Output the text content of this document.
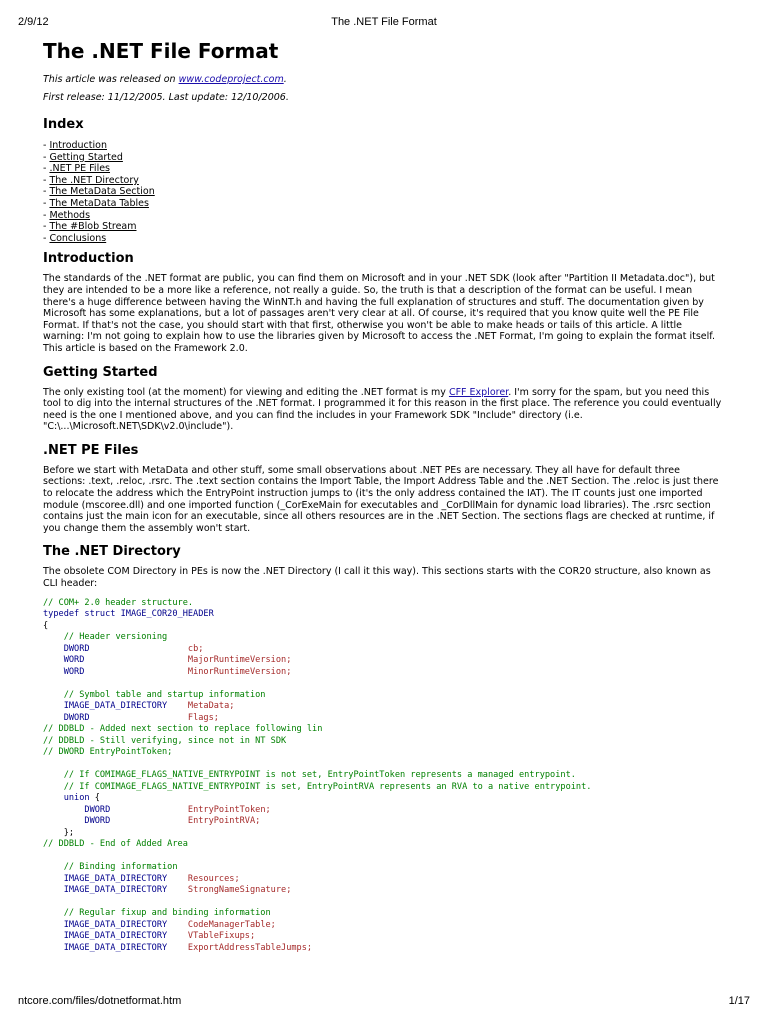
2/9/12	The .NET File Format
The .NET File Format
This article was released on www.codeproject.com.
First release: 11/12/2005. Last update: 12/10/2006.
Index
- Introduction
- Getting Started
- .NET PE Files
- The .NET Directory
- The MetaData Section
- The MetaData Tables
- Methods
- The #Blob Stream
- Conclusions
Introduction

The standards of the .NET format are public, you can find them on Microsoft and in your .NET SDK (look after "Partition II Metadata.doc"), but they are intended to be a more like a reference, not really a guide. So, the truth is that a description of the format can be useful. I mean there's a huge difference between having the WinNT.h and having the full explanation of structures and stuff. The documentation given by Microsoft has some explanations, but a lot of passages aren't very clear at all. Of course, it's required that you know quite well the PE File Format. If that's not the case, you should start with that first, otherwise you won't be able to make heads or tails of this article. A little warning: I'm not going to explain how to use the libraries given by Microsoft to access the .NET Format, I'm going to explain the format itself. This article is based on the Framework 2.0.

Getting Started

The only existing tool (at the moment) for viewing and editing the .NET format is my CFF Explorer. I'm sorry for the spam, but you need this tool to dig into the internal structures of the .NET format. I programmed it for this reason in the first place. The reference you could eventually need is the one I mentioned above, and you can find the includes in your Framework SDK "Include" directory (i.e. "C:\...\Microsoft.NET\SDK\v2.0\include").

.NET PE Files

Before we start with MetaData and other stuff, some small observations about .NET PEs are necessary. They all have for default three sections: .text, .reloc, .rsrc. The .text section contains the Import Table, the Import Address Table and the .NET Section. The .reloc is just there to relocate the address which the EntryPoint instruction jumps to (it's the only address contained the IAT). The IT counts just one imported module (mscoree.dll) and one imported function (_CorExeMain for executables and _CorDllMain for dynamic load libraries). The .rsrc section contains just the main icon for an executable, since all others resources are in the .NET Section. The sections flags are checked at runtime, if you change them the assembly won't start.

The .NET Directory

The obsolete COM Directory in PEs is now the .NET Directory (I call it this way). This sections starts with the COR20 structure, also known as CLI header:

// COM+ 2.0 header structure.
typedef struct IMAGE_COR20_HEADER
{
// Header versioning
DWORD	cb;
WORD	MajorRuntimeVersion;
WORD	MinorRuntimeVersion;

// Symbol table and startup information
IMAGE_DATA_DIRECTORY MetaData;
DWORD	Flags;
// DDBLD - Added next section to replace following lin
// DDBLD - Still verifying, since not in NT SDK
// DWORD EntryPointToken;

// If COMIMAGE_FLAGS_NATIVE_ENTRYPOINT is not set, EntryPointToken represents a managed entrypoint.
// If COMIMAGE_FLAGS_NATIVE_ENTRYPOINT is set, EntryPointRVA represents an RVA to a native entrypoint.
union {
DWORD	EntryPointToken;
DWORD	EntryPointRVA;
};
// DDBLD - End of Added Area

// Binding information
IMAGE_DATA_DIRECTORY Resources;
IMAGE_DATA_DIRECTORY StrongNameSignature;

// Regular fixup and binding information
IMAGE_DATA_DIRECTORY CodeManagerTable;
IMAGE_DATA_DIRECTORY VTableFixups;
IMAGE_DATA_DIRECTORY ExportAddressTableJumps;
ntcore.com/files/dotnetformat.htm	1/17
